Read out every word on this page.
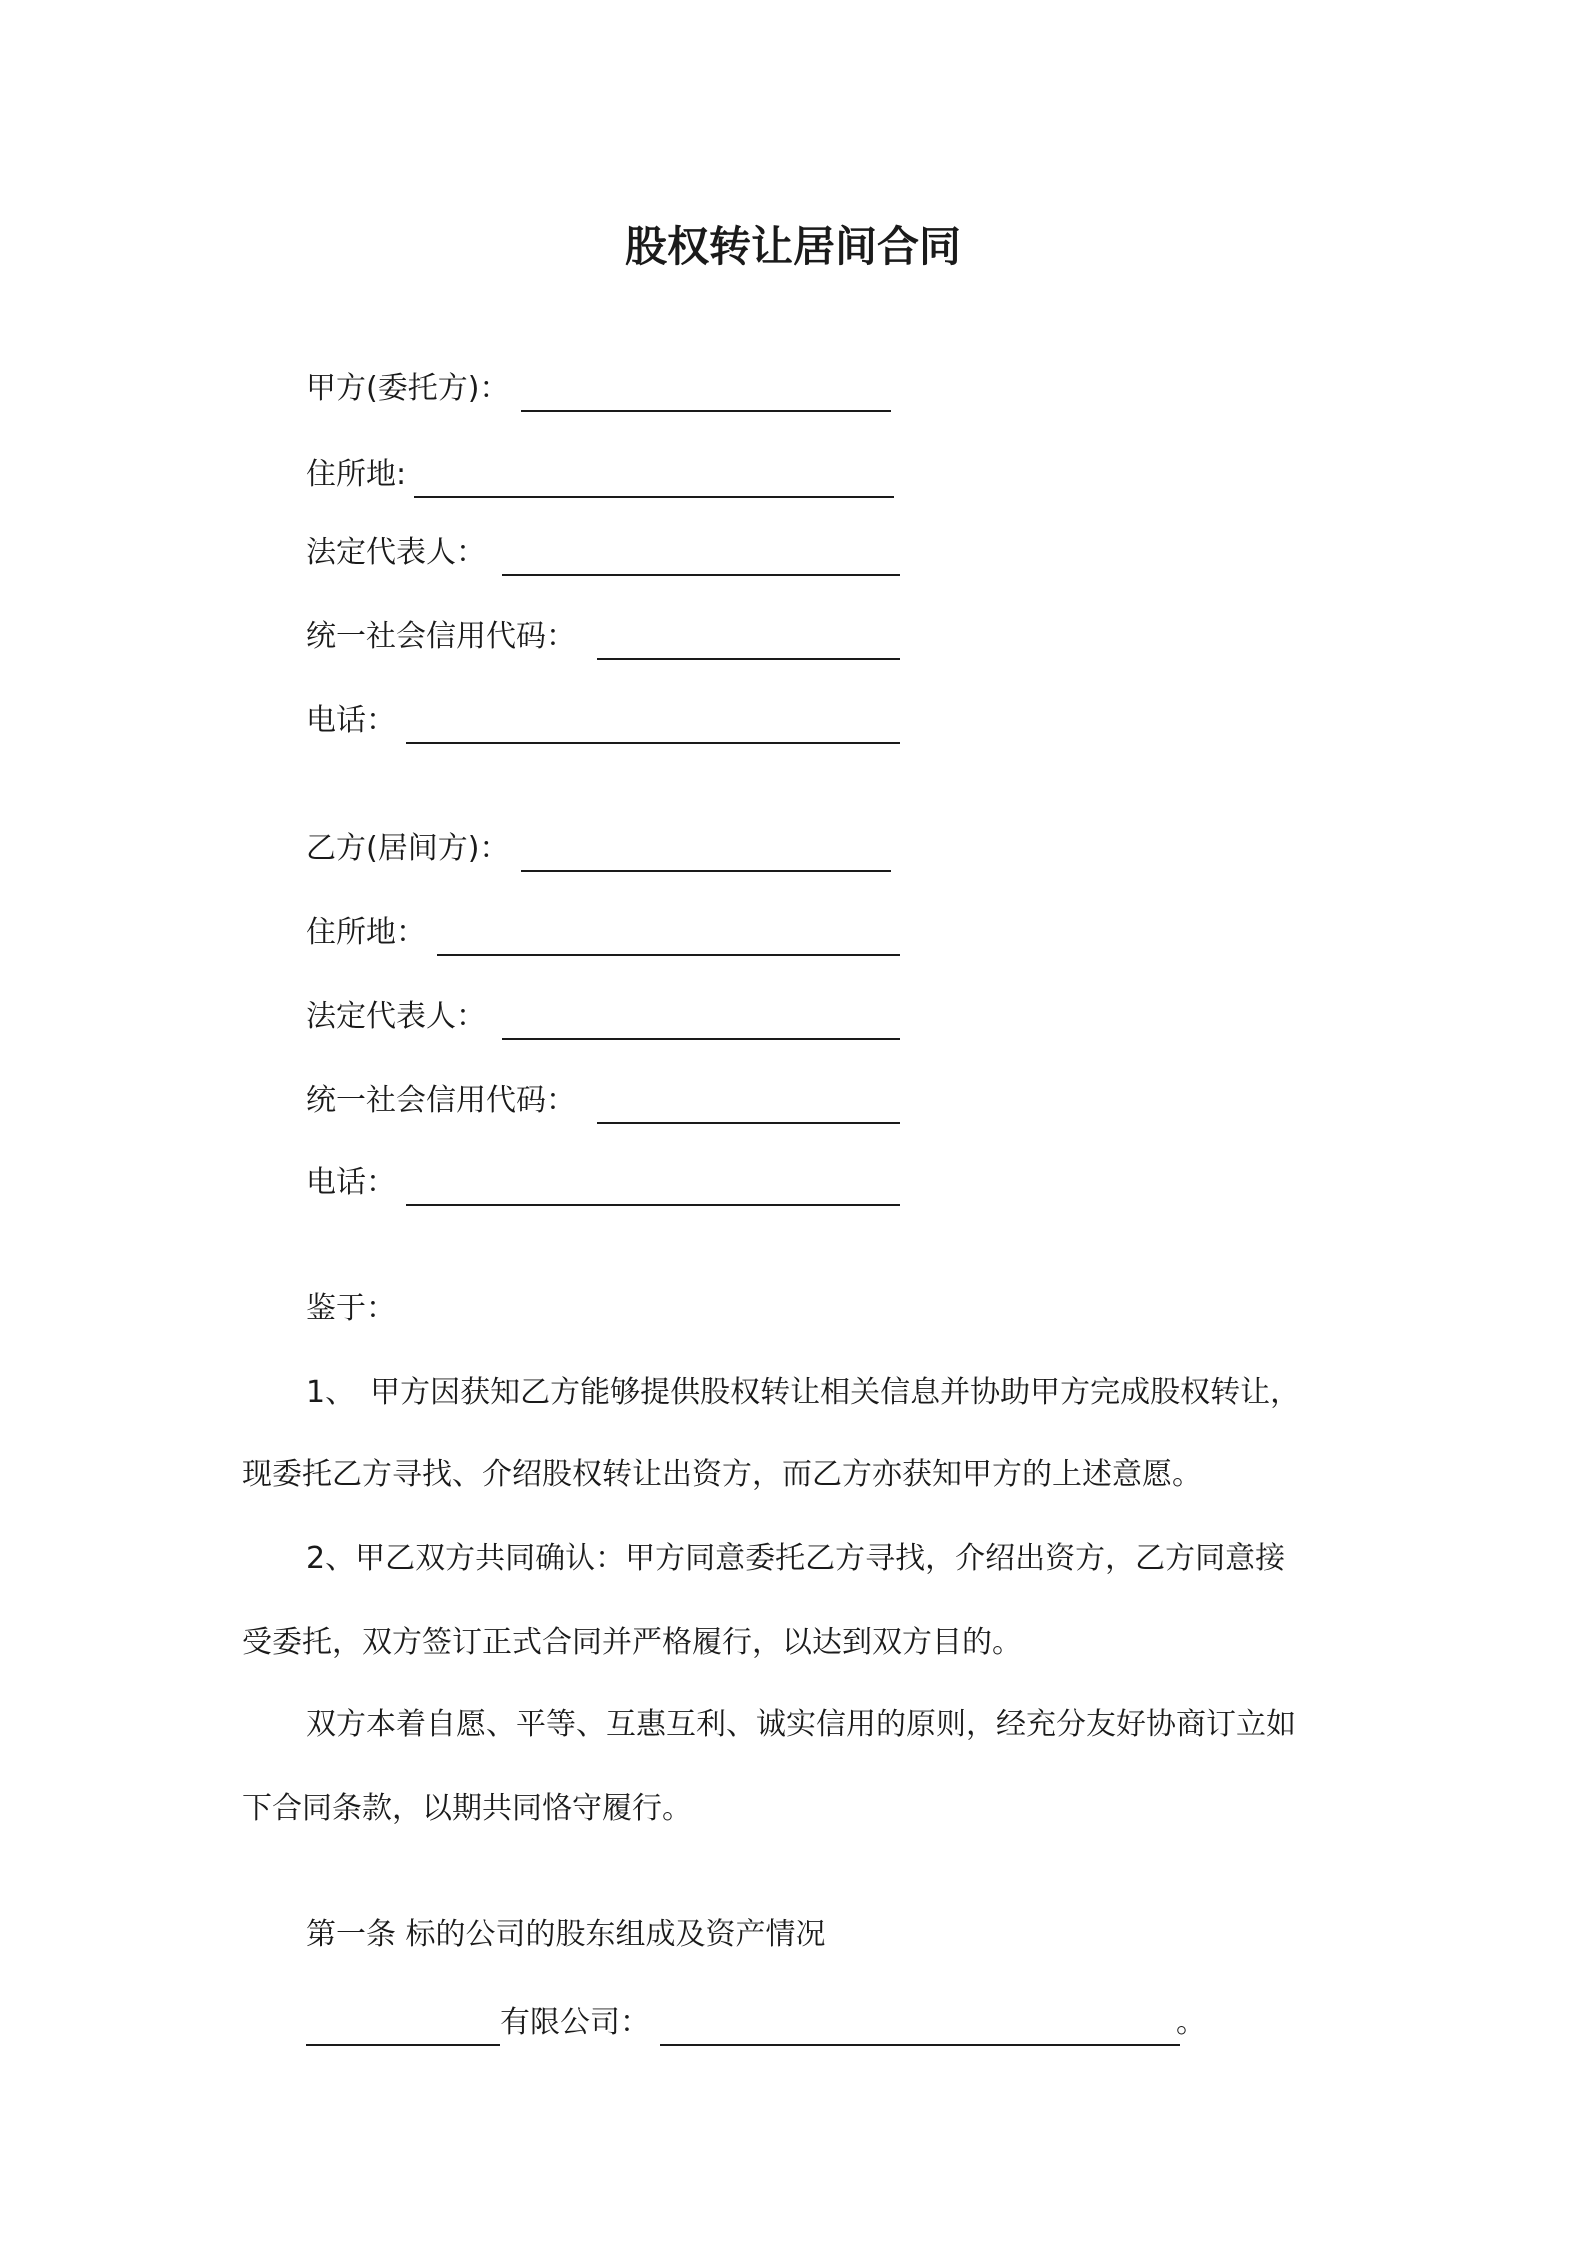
股权转让居间合同
甲方(委托方)：
住所地:
法定代表人：
统一社会信用代码：
电话：
乙方(居间方)：
住所地：
法定代表人：
统一社会信用代码：
电话：
鉴于：
1、　甲方因获知乙方能够提供股权转让相关信息并协助甲方完成股权转让，
现委托乙方寻找、介绍股权转让出资方，而乙方亦获知甲方的上述意愿。
2、甲乙双方共同确认：甲方同意委托乙方寻找，介绍出资方，乙方同意接
受委托，双方签订正式合同并严格履行，以达到双方目的。
双方本着自愿、平等、互惠互利、诚实信用的原则，经充分友好协商订立如
下合同条款，以期共同恪守履行。
第一条 标的公司的股东组成及资产情况
有限公司：	。
